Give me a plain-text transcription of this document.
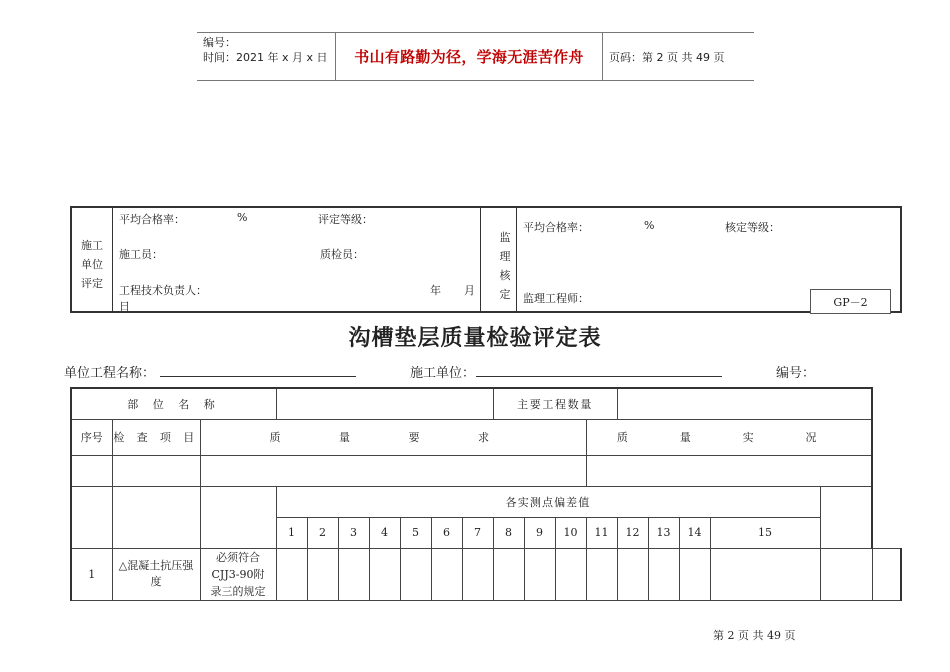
编号：
时间：2021 年 x 月 x 日	书山有路勤为径，学海无涯苦作舟	页码：第 2 页 共 49 页
施工单位评定
平均合格率：	%	评定等级：
施工员：	质检员：
工程技术负责人：	年 月
日
监理核定
平均合格率：	%	核定等级：
监理工程师：	GP－2
沟槽垫层质量检验评定表
单位工程名称：	施工单位：	编号：
部 位 名 称										主要工程数量									
序号	检 查 项 目	质 量 要 求											质 量 实 况						

			各实测点偏差值																
			1	2	3	4	5	6	7	8	9	10	11	12	13	14	15		
1	△混凝土抗压强度	必须符合CJJ3-90附录三的规定																	
第 2 页 共 49 页
